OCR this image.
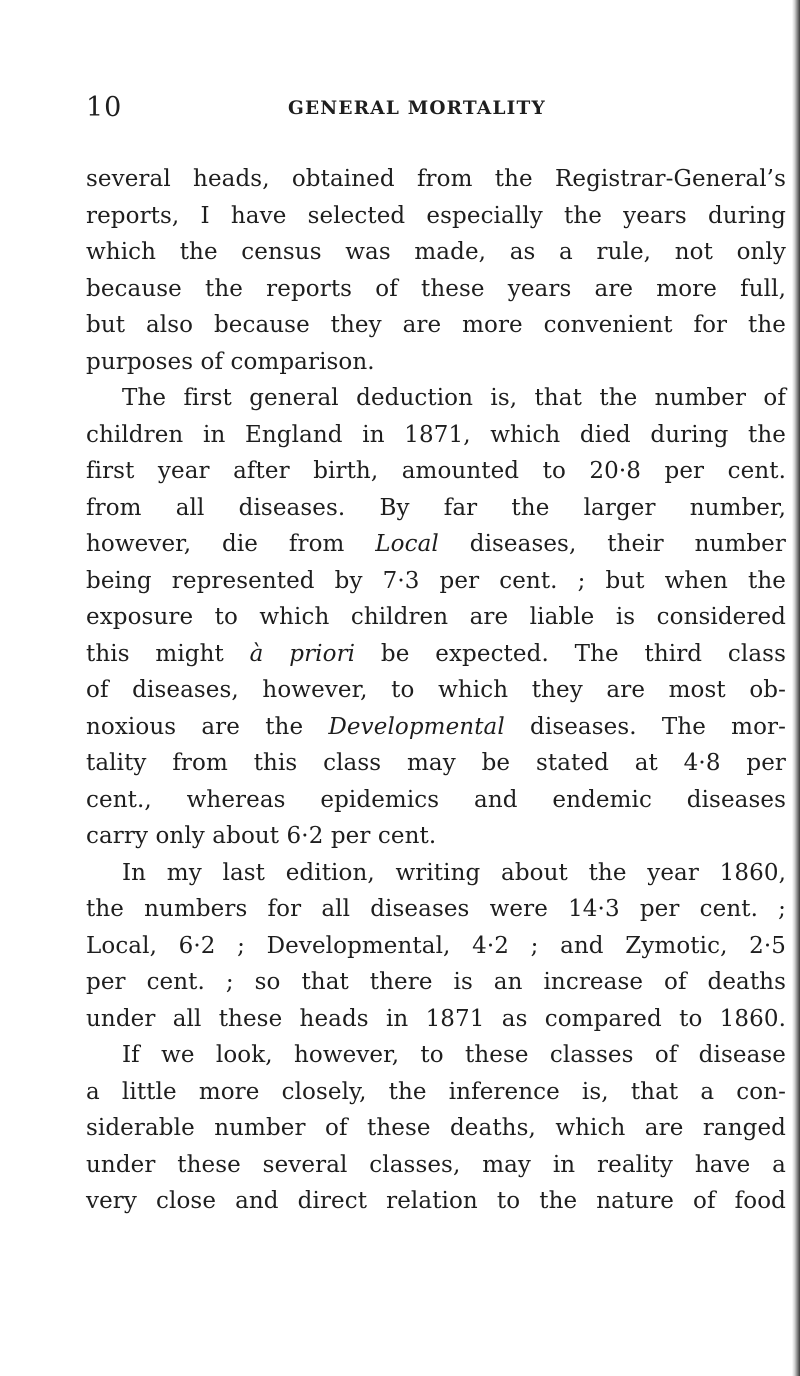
10	GENERAL MORTALITY
several heads, obtained from the Registrar-General’s
reports, I have selected especially the years during
which the census was made, as a rule, not only
because the reports of these years are more full,
but also because they are more convenient for the
purposes of comparison.
The first general deduction is, that the number of
children in England in 1871, which died during the
first year after birth, amounted to 20·8 per cent.
from all diseases. By far the larger number,
however, die from Local diseases, their number
being represented by 7·3 per cent. ; but when the
exposure to which children are liable is considered
this might à priori be expected. The third class
of diseases, however, to which they are most ob-
noxious are the Developmental diseases. The mor-
tality from this class may be stated at 4·8 per
cent., whereas epidemics and endemic diseases
carry only about 6·2 per cent.
In my last edition, writing about the year 1860,
the numbers for all diseases were 14·3 per cent. ;
Local, 6·2 ; Developmental, 4·2 ; and Zymotic, 2·5
per cent. ; so that there is an increase of deaths
under all these heads in 1871 as compared to 1860.
If we look, however, to these classes of disease
a little more closely, the inference is, that a con-
siderable number of these deaths, which are ranged
under these several classes, may in reality have a
very close and direct relation to the nature of food
